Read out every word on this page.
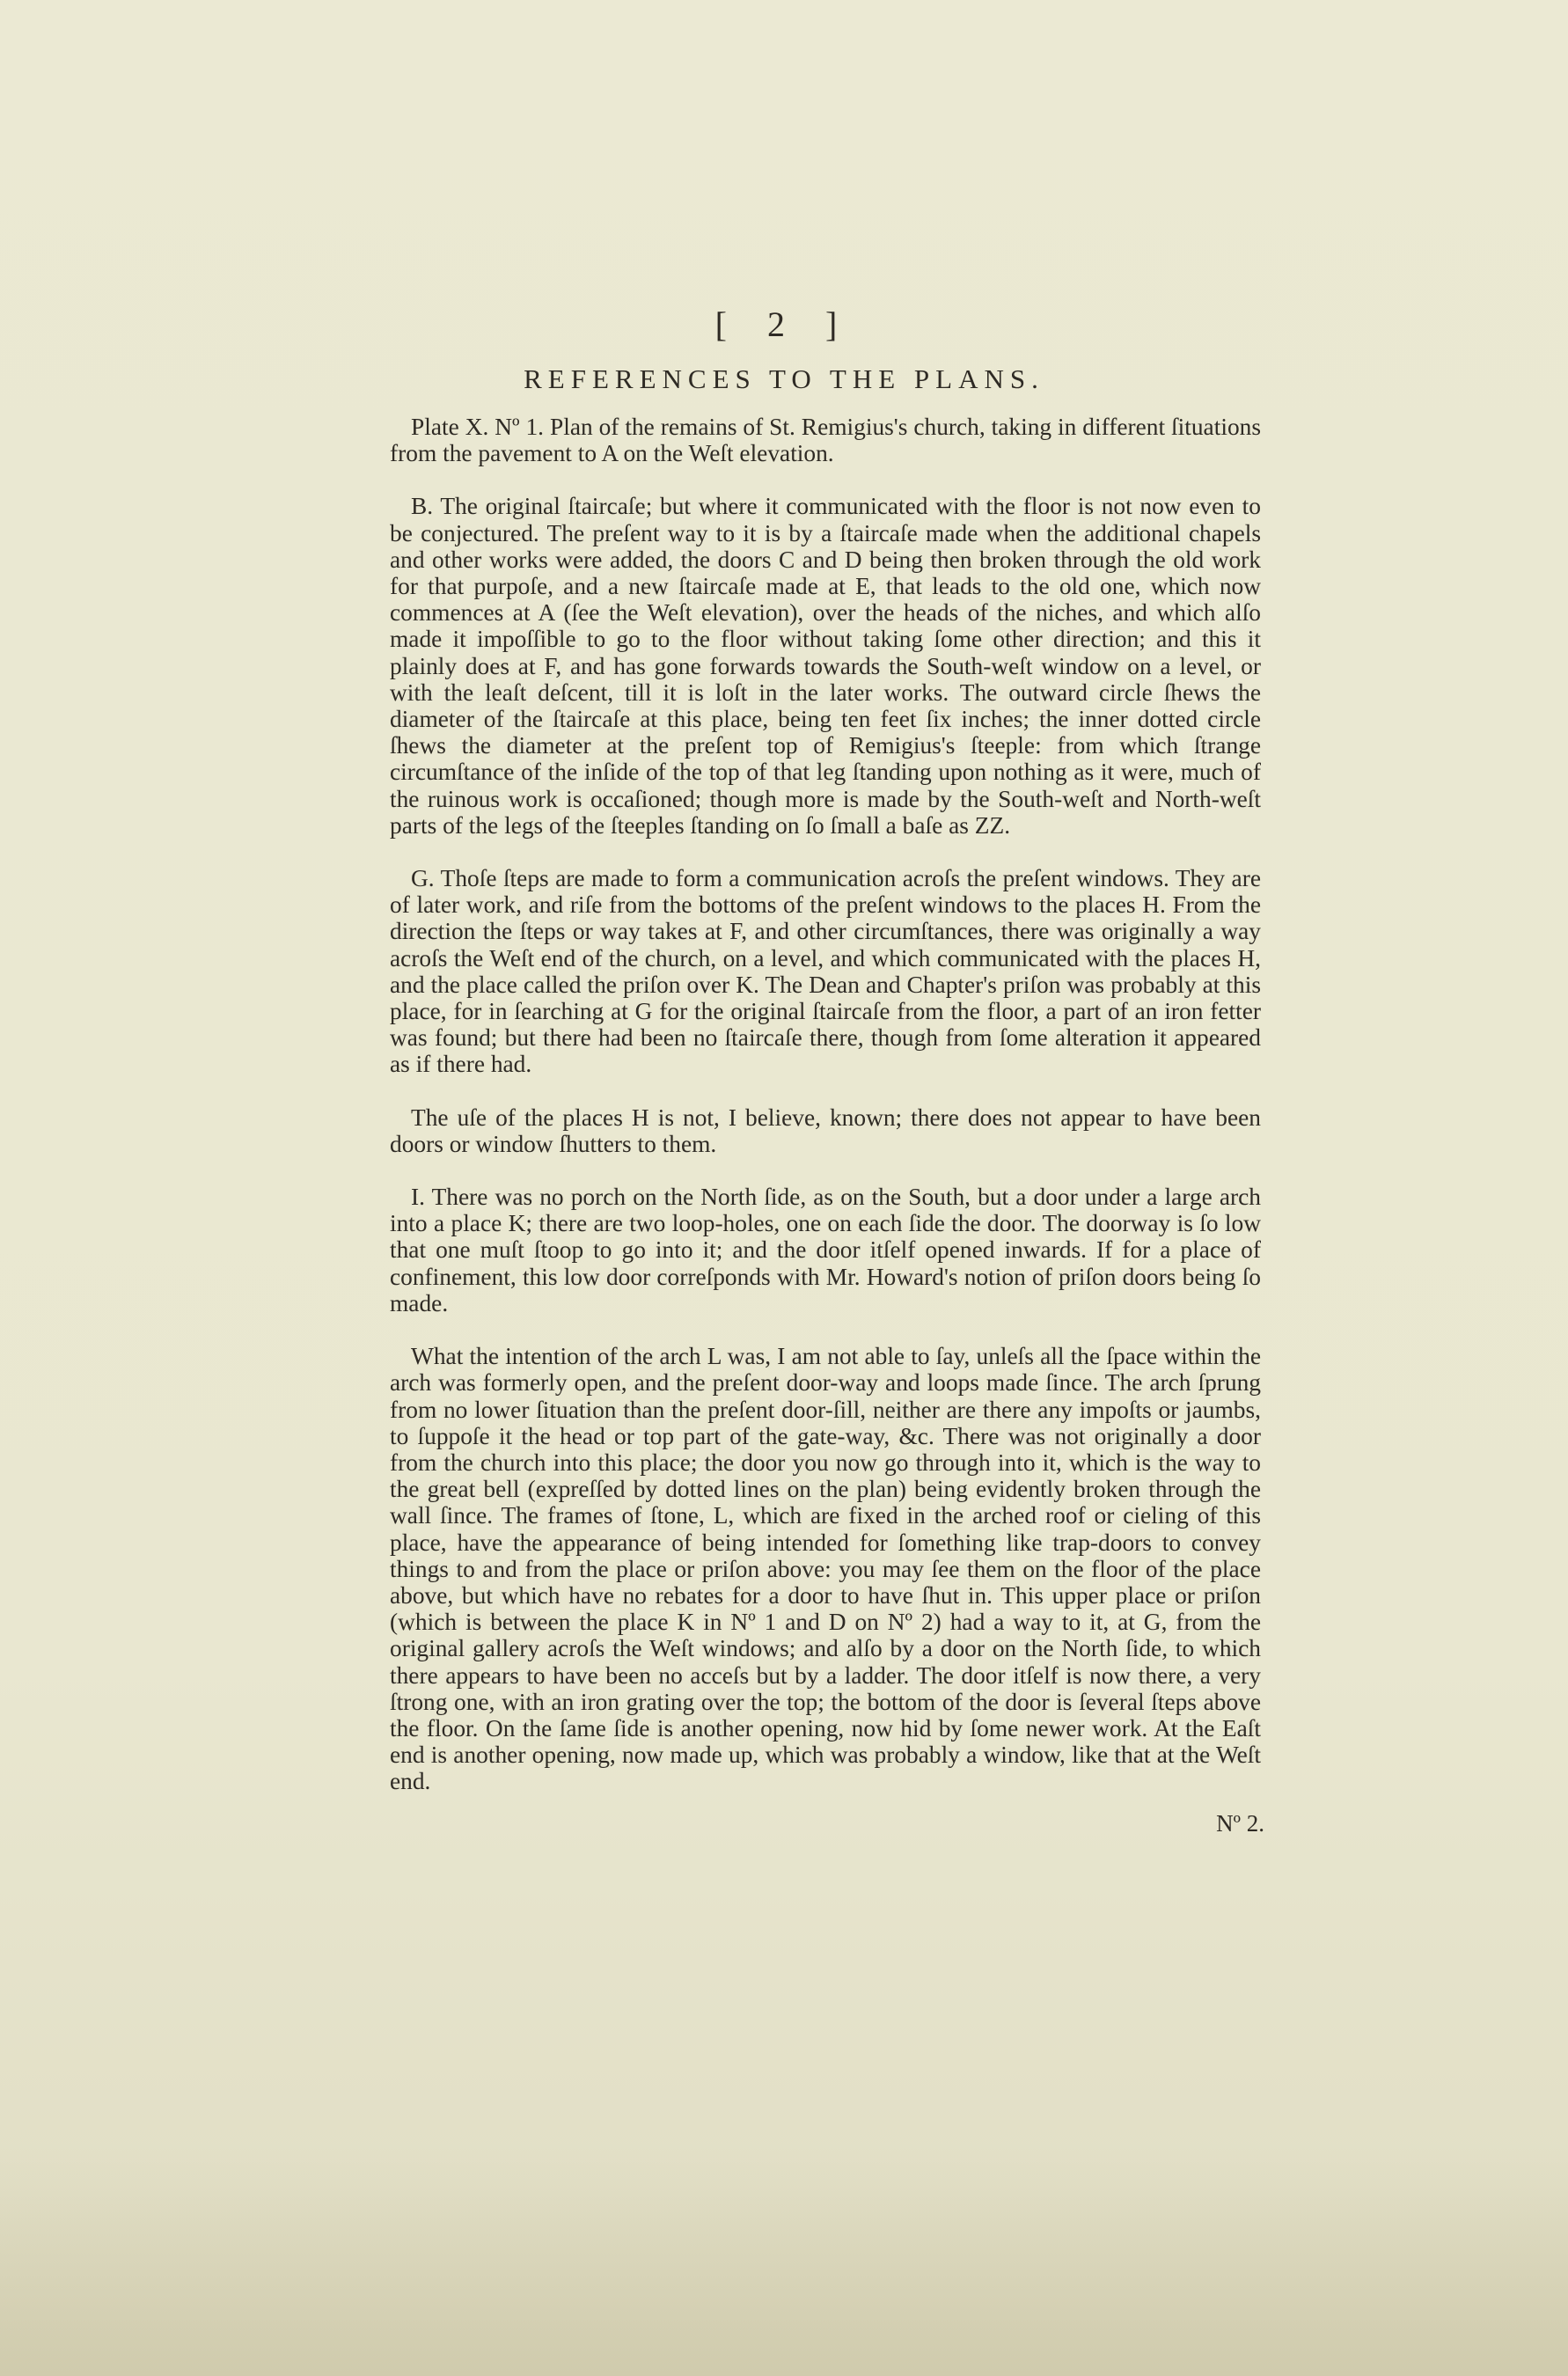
[ 2 ]
REFERENCES TO THE PLANS.

Plate X. Nº 1. Plan of the remains of St. Remigius's church, taking in different ſituations from the pavement to A on the Weſt elevation.

B. The original ſtaircaſe; but where it communicated with the floor is not now even to be conjectured. The preſent way to it is by a ſtaircaſe made when the additional chapels and other works were added, the doors C and D being then broken through the old work for that purpoſe, and a new ſtaircaſe made at E, that leads to the old one, which now commences at A (ſee the Weſt elevation), over the heads of the niches, and which alſo made it impoſſible to go to the floor without taking ſome other direction; and this it plainly does at F, and has gone forwards towards the South-weſt window on a level, or with the leaſt deſcent, till it is loſt in the later works. The outward circle ſhews the diameter of the ſtaircaſe at this place, being ten feet ſix inches; the inner dotted circle ſhews the diameter at the preſent top of Remigius's ſteeple: from which ſtrange circumſtance of the inſide of the top of that leg ſtanding upon nothing as it were, much of the ruinous work is occaſioned; though more is made by the South-weſt and North-weſt parts of the legs of the ſteeples ſtanding on ſo ſmall a baſe as ZZ.

G. Thoſe ſteps are made to form a communication acroſs the preſent windows. They are of later work, and riſe from the bottoms of the preſent windows to the places H. From the direction the ſteps or way takes at F, and other circumſtances, there was originally a way acroſs the Weſt end of the church, on a level, and which communicated with the places H, and the place called the priſon over K. The Dean and Chapter's priſon was probably at this place, for in ſearching at G for the original ſtaircaſe from the floor, a part of an iron fetter was found; but there had been no ſtaircaſe there, though from ſome alteration it appeared as if there had.

The uſe of the places H is not, I believe, known; there does not appear to have been doors or window ſhutters to them.

I. There was no porch on the North ſide, as on the South, but a door under a large arch into a place K; there are two loop-holes, one on each ſide the door. The doorway is ſo low that one muſt ſtoop to go into it; and the door itſelf opened inwards. If for a place of confinement, this low door correſponds with Mr. Howard's notion of priſon doors being ſo made.

What the intention of the arch L was, I am not able to ſay, unleſs all the ſpace within the arch was formerly open, and the preſent door-way and loops made ſince. The arch ſprung from no lower ſituation than the preſent door-ſill, neither are there any impoſts or jaumbs, to ſuppoſe it the head or top part of the gate-way, &c. There was not originally a door from the church into this place; the door you now go through into it, which is the way to the great bell (expreſſed by dotted lines on the plan) being evidently broken through the wall ſince. The frames of ſtone, L, which are fixed in the arched roof or cieling of this place, have the appearance of being intended for ſomething like trap-doors to convey things to and from the place or priſon above: you may ſee them on the floor of the place above, but which have no rebates for a door to have ſhut in. This upper place or priſon (which is between the place K in Nº 1 and D on Nº 2) had a way to it, at G, from the original gallery acroſs the Weſt windows; and alſo by a door on the North ſide, to which there appears to have been no acceſs but by a ladder. The door itſelf is now there, a very ſtrong one, with an iron grating over the top; the bottom of the door is ſeveral ſteps above the floor. On the ſame ſide is another opening, now hid by ſome newer work. At the Eaſt end is another opening, now made up, which was probably a window, like that at the Weſt end.

Nº 2.
